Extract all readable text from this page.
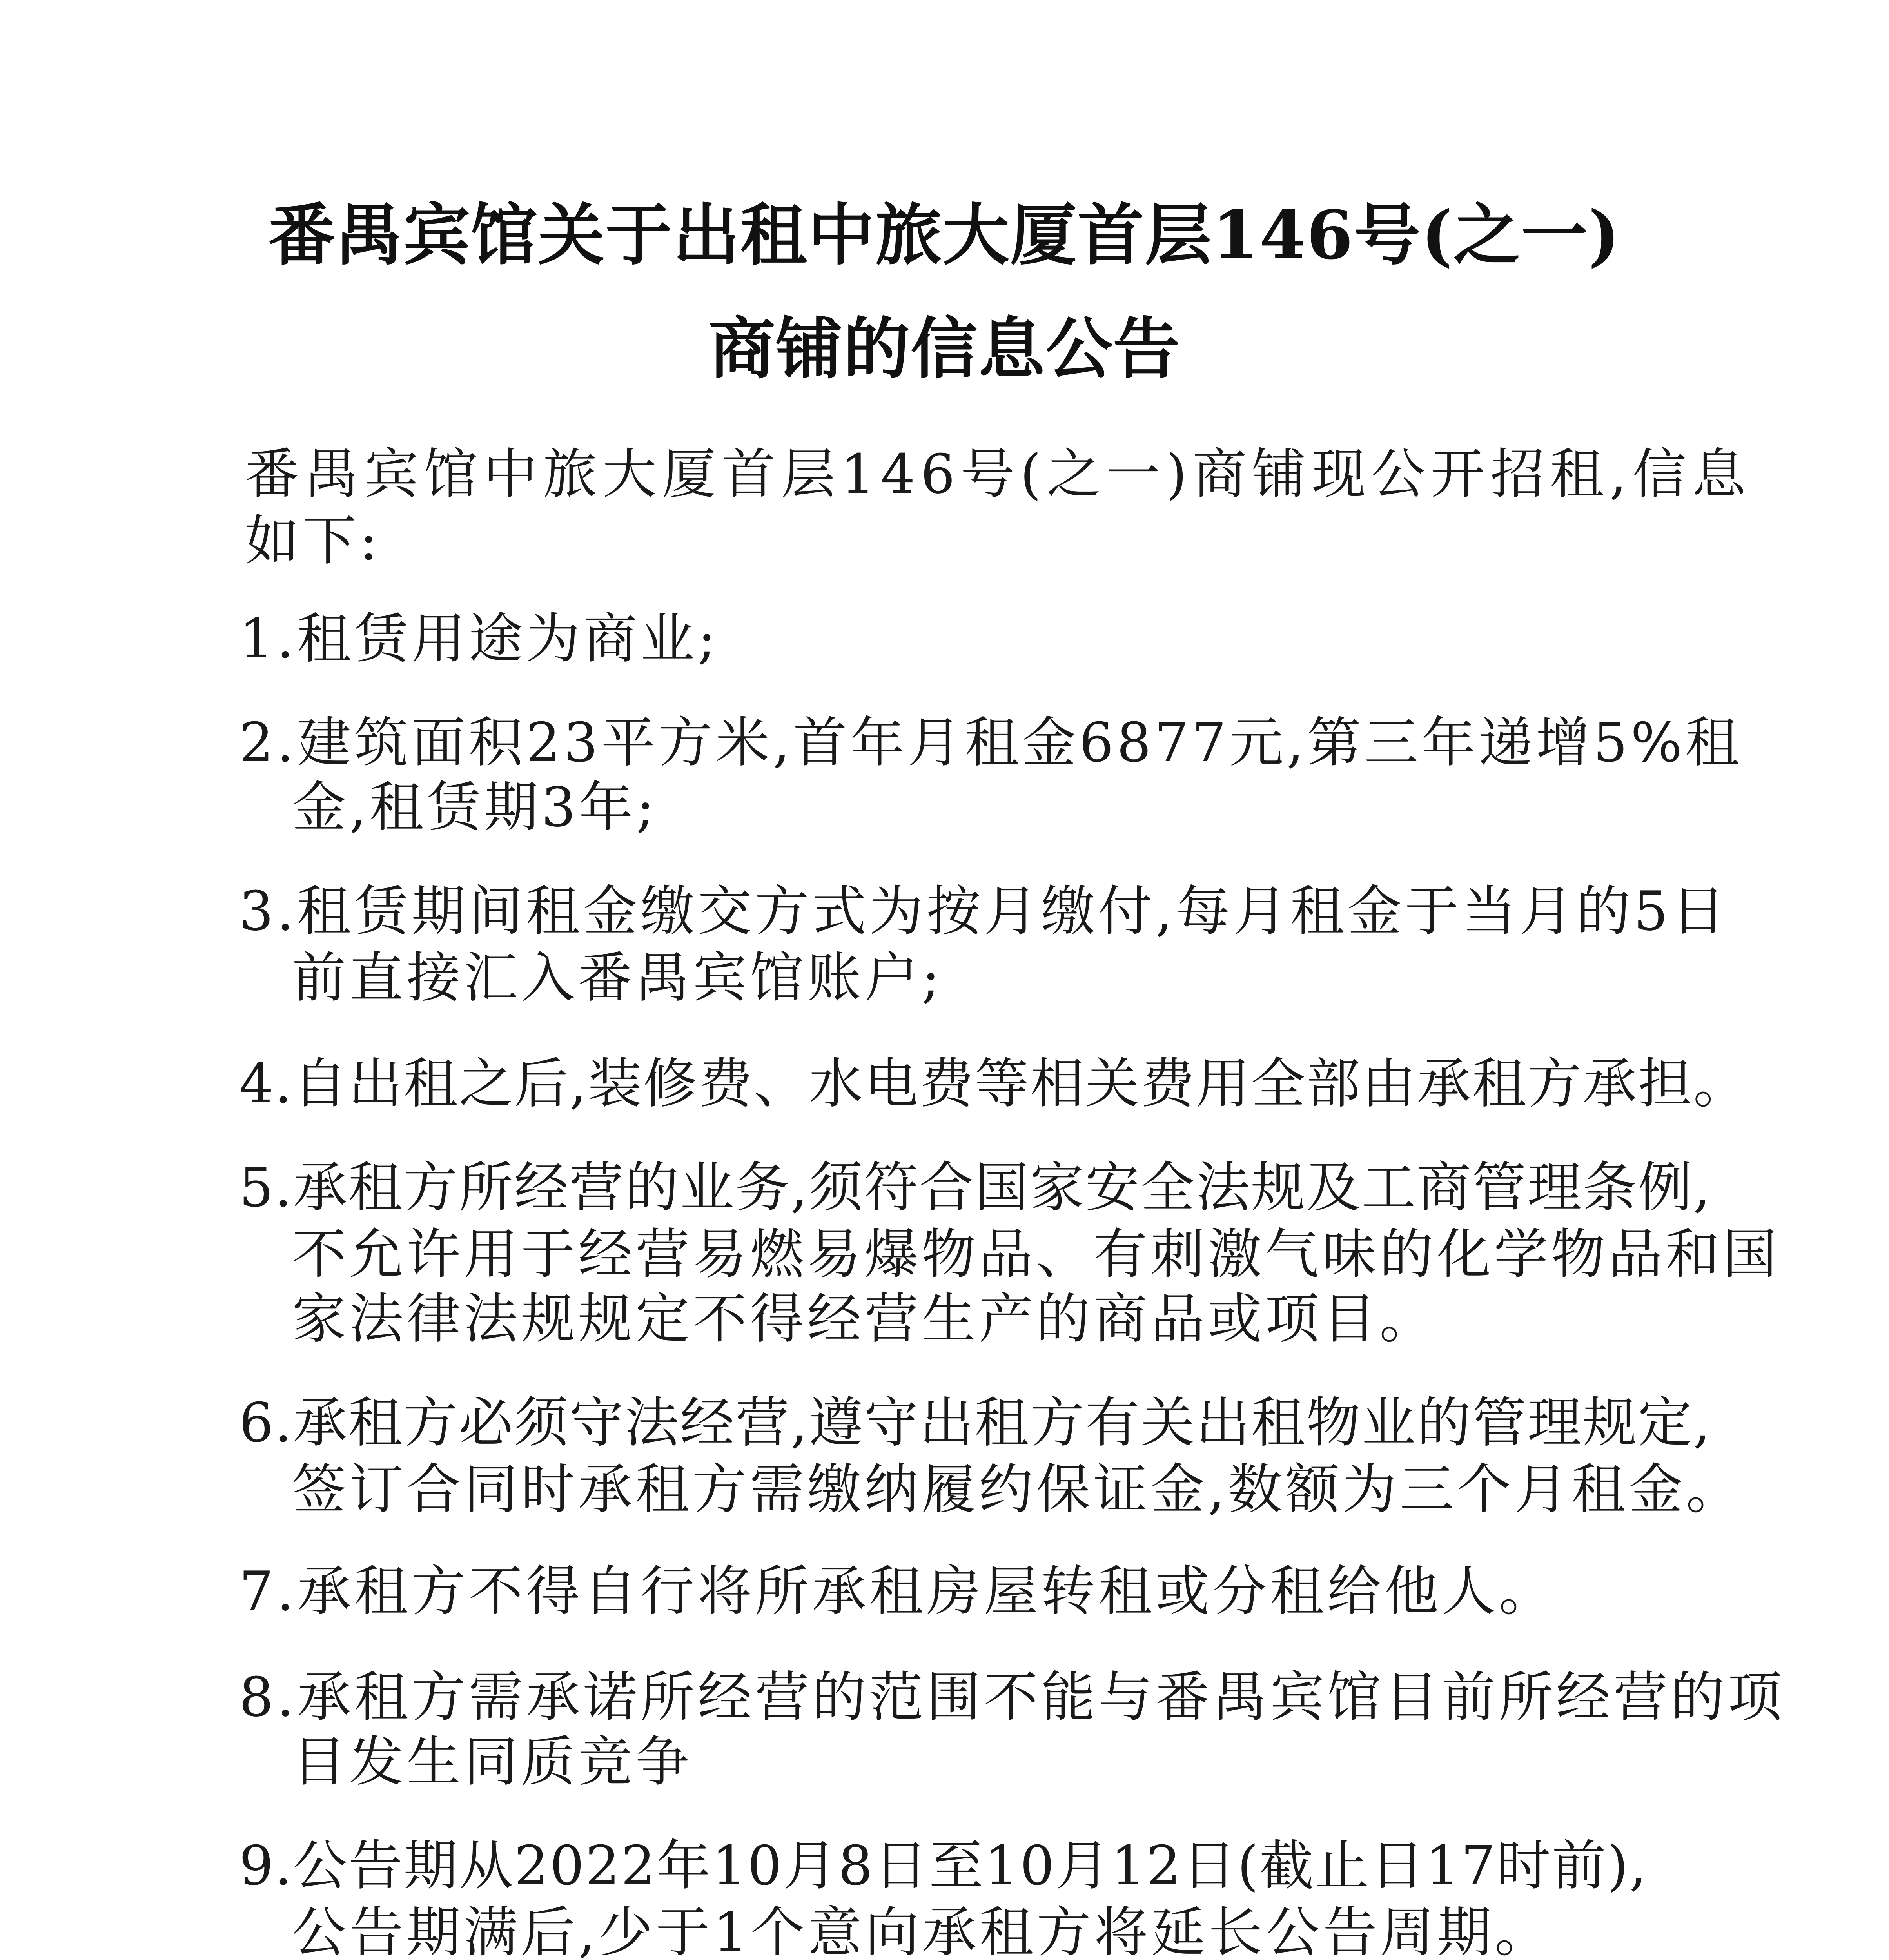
番禺宾馆关于出租中旅大厦首层146号(之一)
商铺的信息公告
番禺宾馆中旅大厦首层146号(之一)商铺现公开招租,信息
如下:
1.租赁用途为商业;
2.建筑面积23平方米,首年月租金6877元,第三年递增5%租
金,租赁期3年;
3.租赁期间租金缴交方式为按月缴付,每月租金于当月的5日
前直接汇入番禺宾馆账户;
4.自出租之后,装修费、水电费等相关费用全部由承租方承担。
5.承租方所经营的业务,须符合国家安全法规及工商管理条例,
不允许用于经营易燃易爆物品、有刺激气味的化学物品和国
家法律法规规定不得经营生产的商品或项目。
6.承租方必须守法经营,遵守出租方有关出租物业的管理规定,
签订合同时承租方需缴纳履约保证金,数额为三个月租金。
7.承租方不得自行将所承租房屋转租或分租给他人。
8.承租方需承诺所经营的范围不能与番禺宾馆目前所经营的项
目发生同质竞争
9.公告期从2022年10月8日至10月12日(截止日17时前),
公告期满后,少于1个意向承租方将延长公告周期。
